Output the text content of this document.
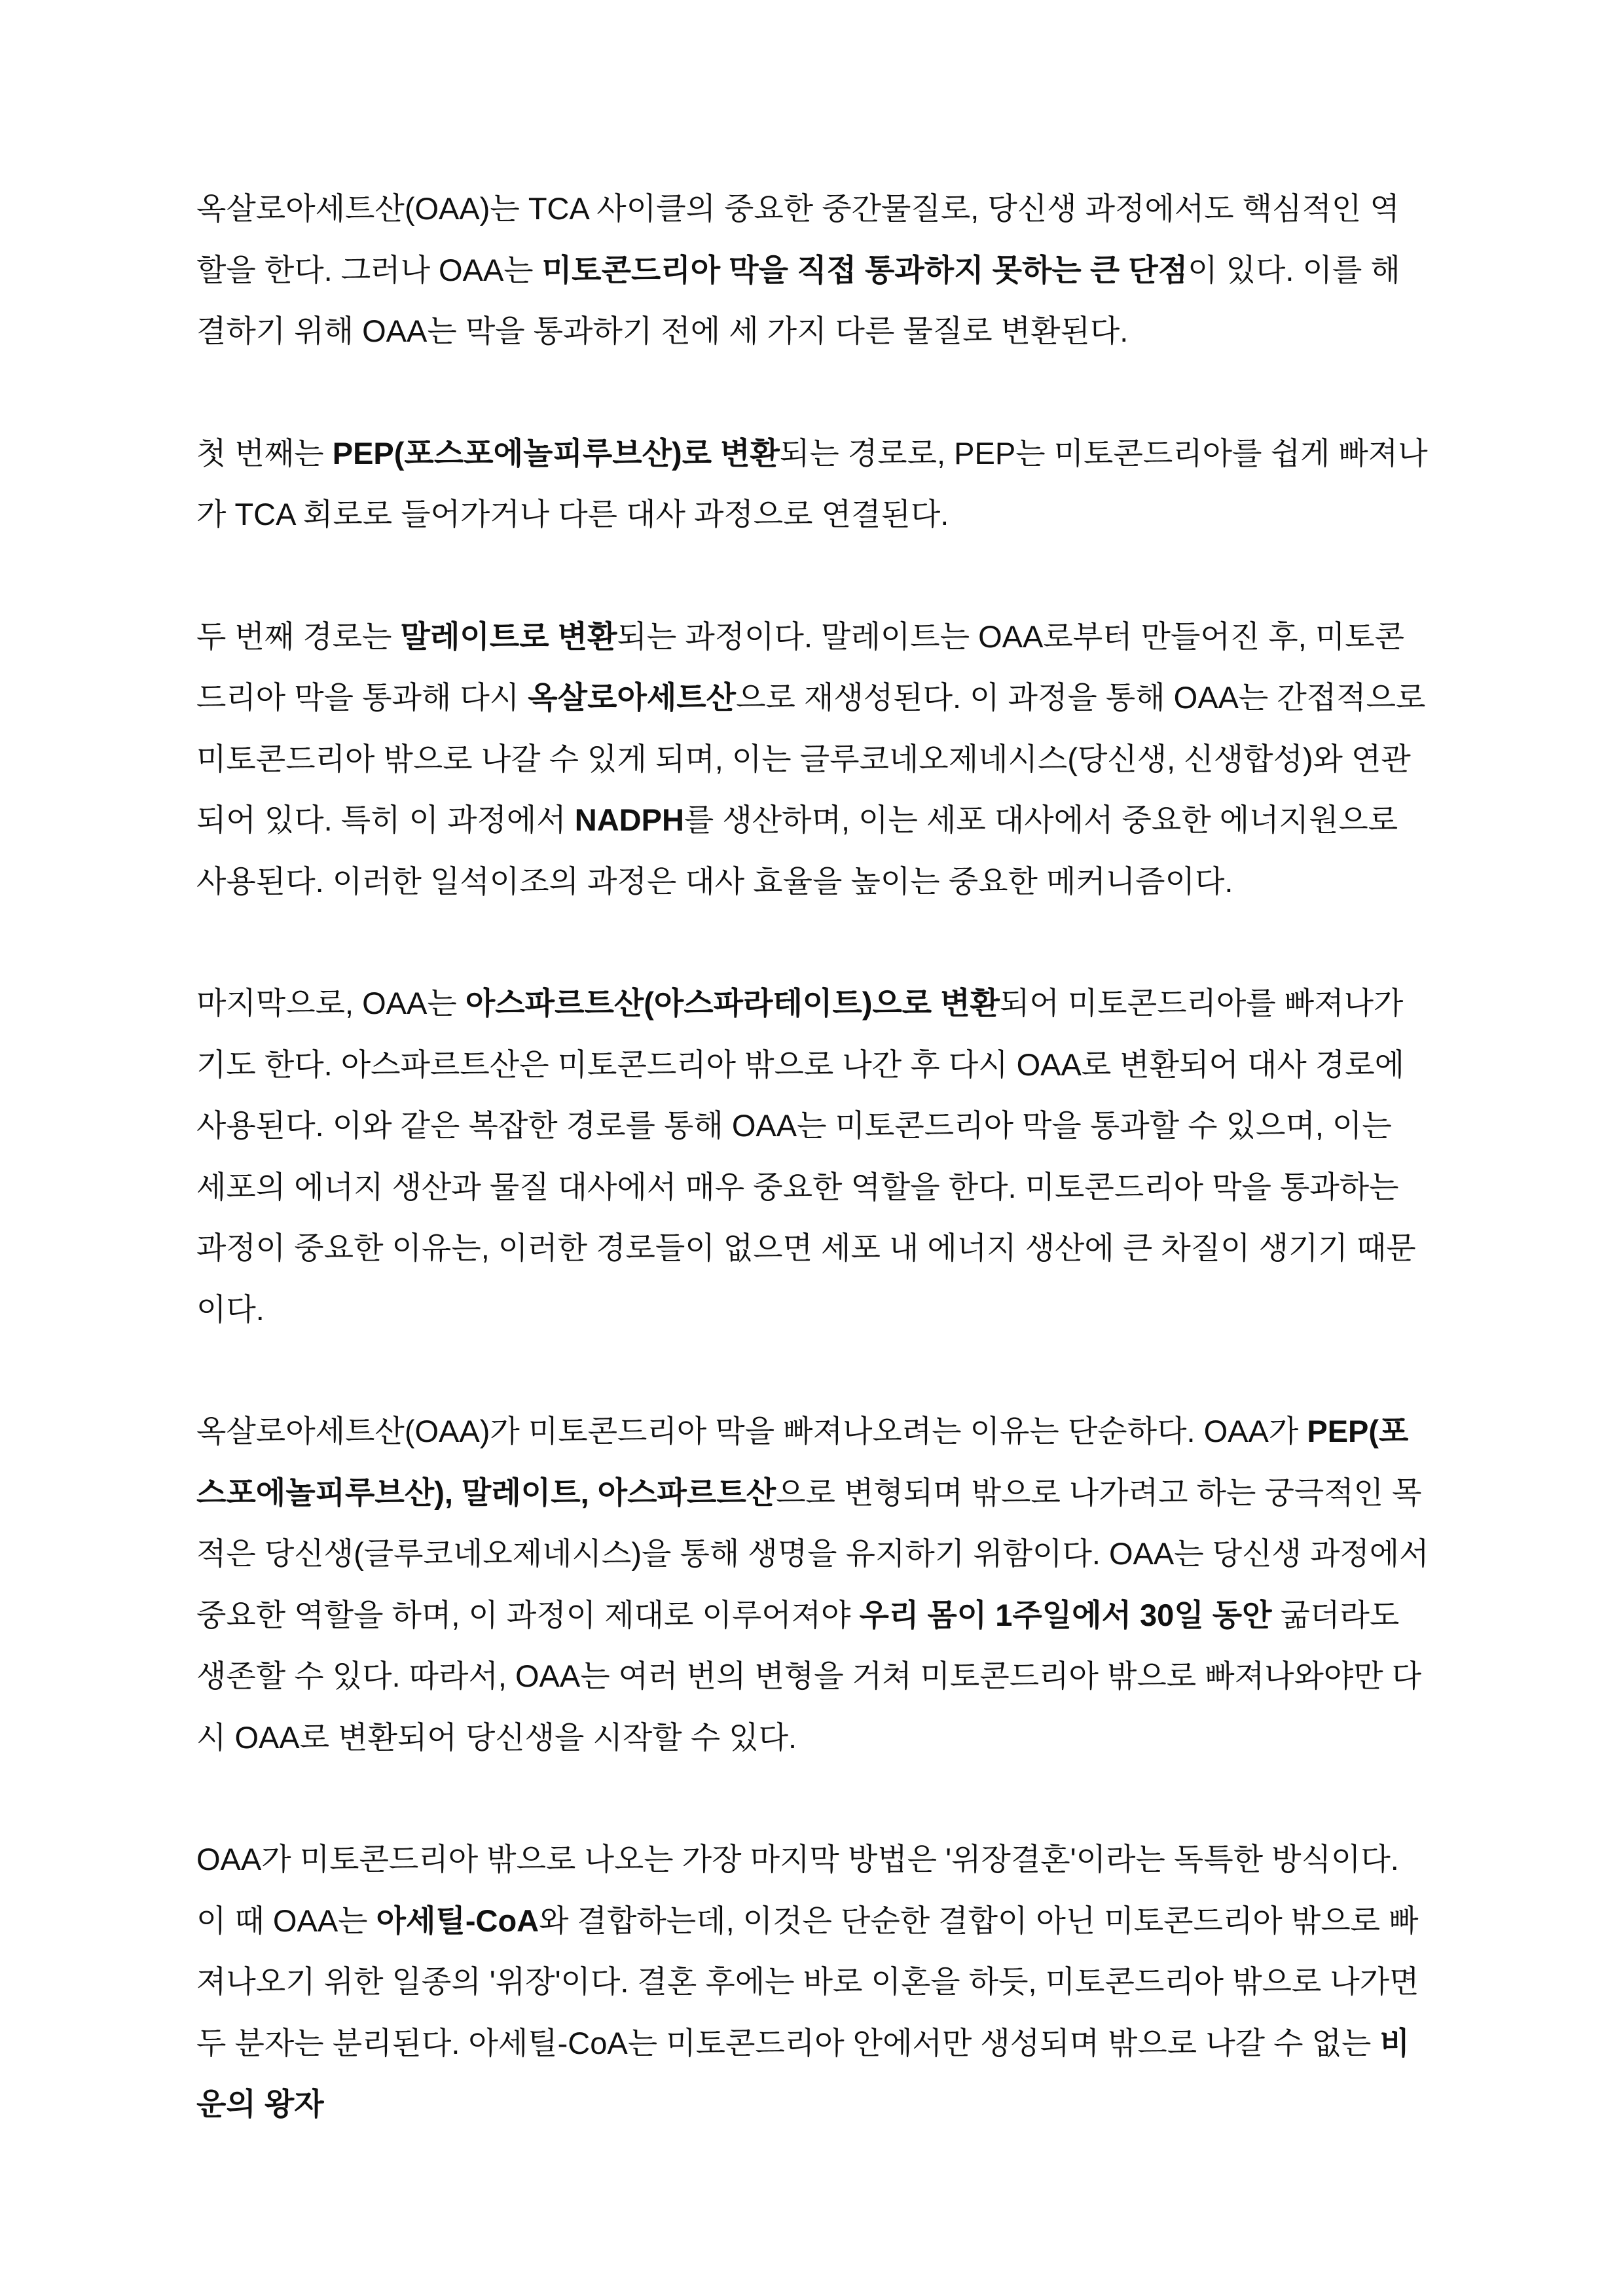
옥살로아세트산(OAA)는 TCA 사이클의 중요한 중간물질로, 당신생 과정에서도 핵심적인 역할을 한다. 그러나 OAA는 미토콘드리아 막을 직접 통과하지 못하는 큰 단점이 있다. 이를 해결하기 위해 OAA는 막을 통과하기 전에 세 가지 다른 물질로 변환된다.

첫 번째는 PEP(포스포에놀피루브산)로 변환되는 경로로, PEP는 미토콘드리아를 쉽게 빠져나가 TCA 회로로 들어가거나 다른 대사 과정으로 연결된다.

두 번째 경로는 말레이트로 변환되는 과정이다. 말레이트는 OAA로부터 만들어진 후, 미토콘드리아 막을 통과해 다시 옥살로아세트산으로 재생성된다. 이 과정을 통해 OAA는 간접적으로 미토콘드리아 밖으로 나갈 수 있게 되며, 이는 글루코네오제네시스(당신생, 신생합성)와 연관되어 있다. 특히 이 과정에서 NADPH를 생산하며, 이는 세포 대사에서 중요한 에너지원으로 사용된다. 이러한 일석이조의 과정은 대사 효율을 높이는 중요한 메커니즘이다.

마지막으로, OAA는 아스파르트산(아스파라테이트)으로 변환되어 미토콘드리아를 빠져나가기도 한다. 아스파르트산은 미토콘드리아 밖으로 나간 후 다시 OAA로 변환되어 대사 경로에 사용된다. 이와 같은 복잡한 경로를 통해 OAA는 미토콘드리아 막을 통과할 수 있으며, 이는 세포의 에너지 생산과 물질 대사에서 매우 중요한 역할을 한다. 미토콘드리아 막을 통과하는 과정이 중요한 이유는, 이러한 경로들이 없으면 세포 내 에너지 생산에 큰 차질이 생기기 때문이다.

옥살로아세트산(OAA)가 미토콘드리아 막을 빠져나오려는 이유는 단순하다. OAA가 PEP(포스포에놀피루브산), 말레이트, 아스파르트산으로 변형되며 밖으로 나가려고 하는 궁극적인 목적은 당신생(글루코네오제네시스)을 통해 생명을 유지하기 위함이다. OAA는 당신생 과정에서 중요한 역할을 하며, 이 과정이 제대로 이루어져야 우리 몸이 1주일에서 30일 동안 굶더라도 생존할 수 있다. 따라서, OAA는 여러 번의 변형을 거쳐 미토콘드리아 밖으로 빠져나와야만 다시 OAA로 변환되어 당신생을 시작할 수 있다.

OAA가 미토콘드리아 밖으로 나오는 가장 마지막 방법은 '위장결혼'이라는 독특한 방식이다. 이 때 OAA는 아세틸-CoA와 결합하는데, 이것은 단순한 결합이 아닌 미토콘드리아 밖으로 빠져나오기 위한 일종의 '위장'이다. 결혼 후에는 바로 이혼을 하듯, 미토콘드리아 밖으로 나가면 두 분자는 분리된다. 아세틸-CoA는 미토콘드리아 안에서만 생성되며 밖으로 나갈 수 없는 비운의 왕자
